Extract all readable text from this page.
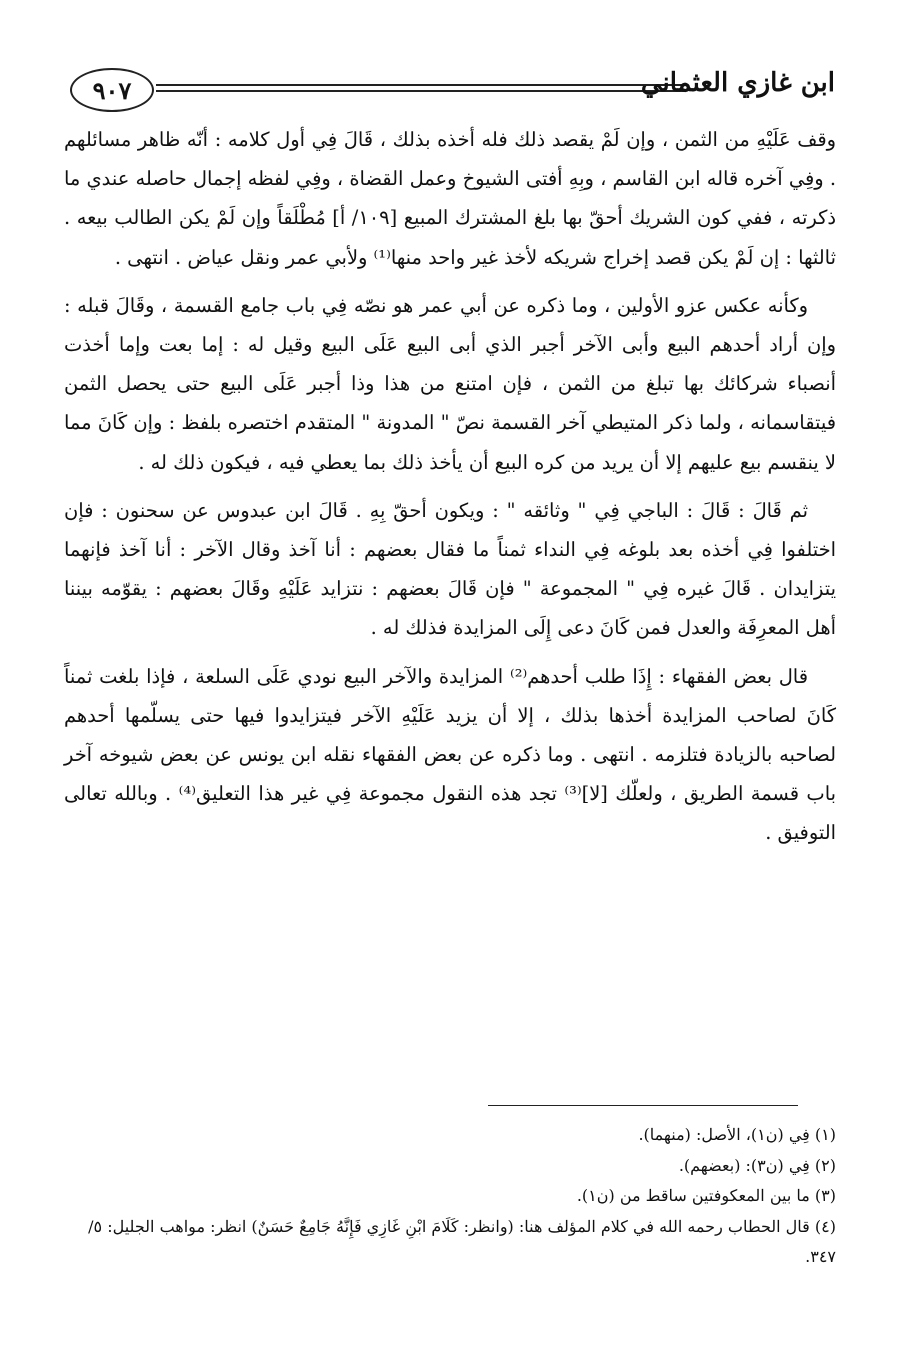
٩٠٧	ابن غازي العثماني

وقف عَلَيْهِ من الثمن ، وإن لَمْ يقصد ذلك فله أخذه بذلك ، قَالَ فِي أول كلامه : أنّه ظاهر مسائلهم . وفِي آخره قاله ابن القاسم ، وبِهِ أفتى الشيوخ وعمل القضاة ، وفِي لفظه إجمال حاصله عندي ما ذكرته ، ففي كون الشريك أحقّ بها بلغ المشترك المبيع [١٠٩/ أ] مُطْلَقاً وإن لَمْ يكن الطالب بيعه . ثالثها : إن لَمْ يكن قصد إخراج شريكه لأخذ غير واحد منها⁽¹⁾ ولأبي عمر ونقل عياض . انتهى .

وكأنه عكس عزو الأولين ، وما ذكره عن أبي عمر هو نصّه فِي باب جامع القسمة ، وقَالَ قبله : وإن أراد أحدهم البيع وأبى الآخر أجبر الذي أبى البيع عَلَى البيع وقيل له : إما بعت وإما أخذت أنصباء شركائك بها تبلغ من الثمن ، فإن امتنع من هذا وذا أجبر عَلَى البيع حتى يحصل الثمن فيتقاسمانه ، ولما ذكر المتيطي آخر القسمة نصّ " المدونة " المتقدم اختصره بلفظ : وإن كَانَ مما لا ينقسم بيع عليهم إلا أن يريد من كره البيع أن يأخذ ذلك بما يعطي فيه ، فيكون ذلك له .

ثم قَالَ : قَالَ : الباجي فِي " وثائقه " : ويكون أحقّ بِهِ . قَالَ ابن عبدوس عن سحنون : فإن اختلفوا فِي أخذه بعد بلوغه فِي النداء ثمناً ما فقال بعضهم : أنا آخذ وقال الآخر : أنا آخذ فإنهما يتزايدان . قَالَ غيره فِي " المجموعة " فإن قَالَ بعضهم : نتزايد عَلَيْهِ وقَالَ بعضهم : يقوّمه بيننا أهل المعرِفَة والعدل فمن كَانَ دعى إِلَى المزايدة فذلك له .

قال بعض الفقهاء : إِذَا طلب أحدهم⁽²⁾ المزايدة والآخر البيع نودي عَلَى السلعة ، فإذا بلغت ثمناً كَانَ لصاحب المزايدة أخذها بذلك ، إلا أن يزيد عَلَيْهِ الآخر فيتزايدوا فيها حتى يسلّمها أحدهم لصاحبه بالزيادة فتلزمه . انتهى . وما ذكره عن بعض الفقهاء نقله ابن يونس عن بعض شيوخه آخر باب قسمة الطريق ، ولعلّك [لا]⁽³⁾ تجد هذه النقول مجموعة فِي غير هذا التعليق⁽⁴⁾ . وبالله تعالى التوفيق .

(١) فِي (ن١)، الأصل: (منهما).

(٢) فِي (ن٣): (بعضهم).

(٣) ما بين المعكوفتين ساقط من (ن١).

(٤) قال الحطاب رحمه الله في كلام المؤلف هنا: (وانظر: كَلَامَ ابْنِ غَازِي فَإِنَّهُ جَامِعٌ حَسَنٌ) انظر: مواهب الجليل: ٥/ ٣٤٧.
